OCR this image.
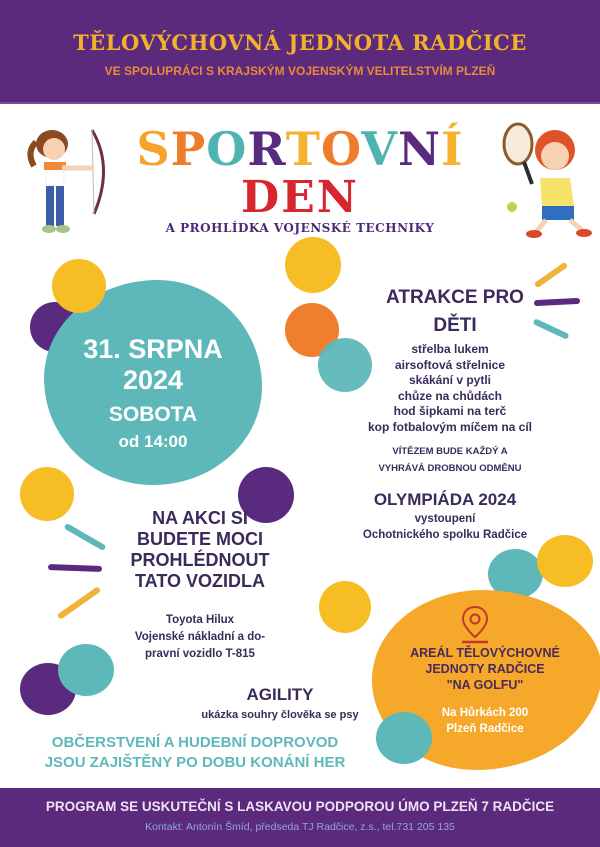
TĚLOVÝCHOVNÁ JEDNOTA RADČICE
VE SPOLUPRÁCI S KRAJSKÝM VOJENSKÝM VELITELSTVÍM PLZEŇ
SPORTOVNÍ
DEN
A PROHLÍDKA VOJENSKÉ TECHNIKY
31. SRPNA
2024
SOBOTA
od 14:00
ATRAKCE PRO
DĚTI
střelba lukem
airsoftová střelnice
skákání v pytli
chůze na chůdách
hod šipkami na terč
kop fotbalovým míčem na cíl
VÍTĚZEM BUDE KAŽDÝ A
VYHRÁVÁ DROBNOU ODMĚNU
OLYMPIÁDA 2024
vystoupení
Ochotnického spolku Radčice
NA AKCI SI
BUDETE MOCI
PROHLÉDNOUT
TATO VOZIDLA
Toyota Hilux
Vojenské nákladní a do-
pravní vozidlo T-815
AGILITY
ukázka souhry člověka se psy
OBČERSTVENÍ A HUDEBNÍ DOPROVOD
JSOU ZAJIŠTĚNY PO DOBU KONÁNÍ HER
AREÁL TĚLOVÝCHOVNÉ
JEDNOTY RADČICE
"NA GOLFU"
Na Hůrkách 200
Plzeň Radčice
PROGRAM SE USKUTEČNÍ S LASKAVOU PODPOROU ÚMO PLZEŇ 7 RADČICE
Kontakt: Antonín Šmíd, předseda TJ Radčice, z.s., tel.731 205 135
